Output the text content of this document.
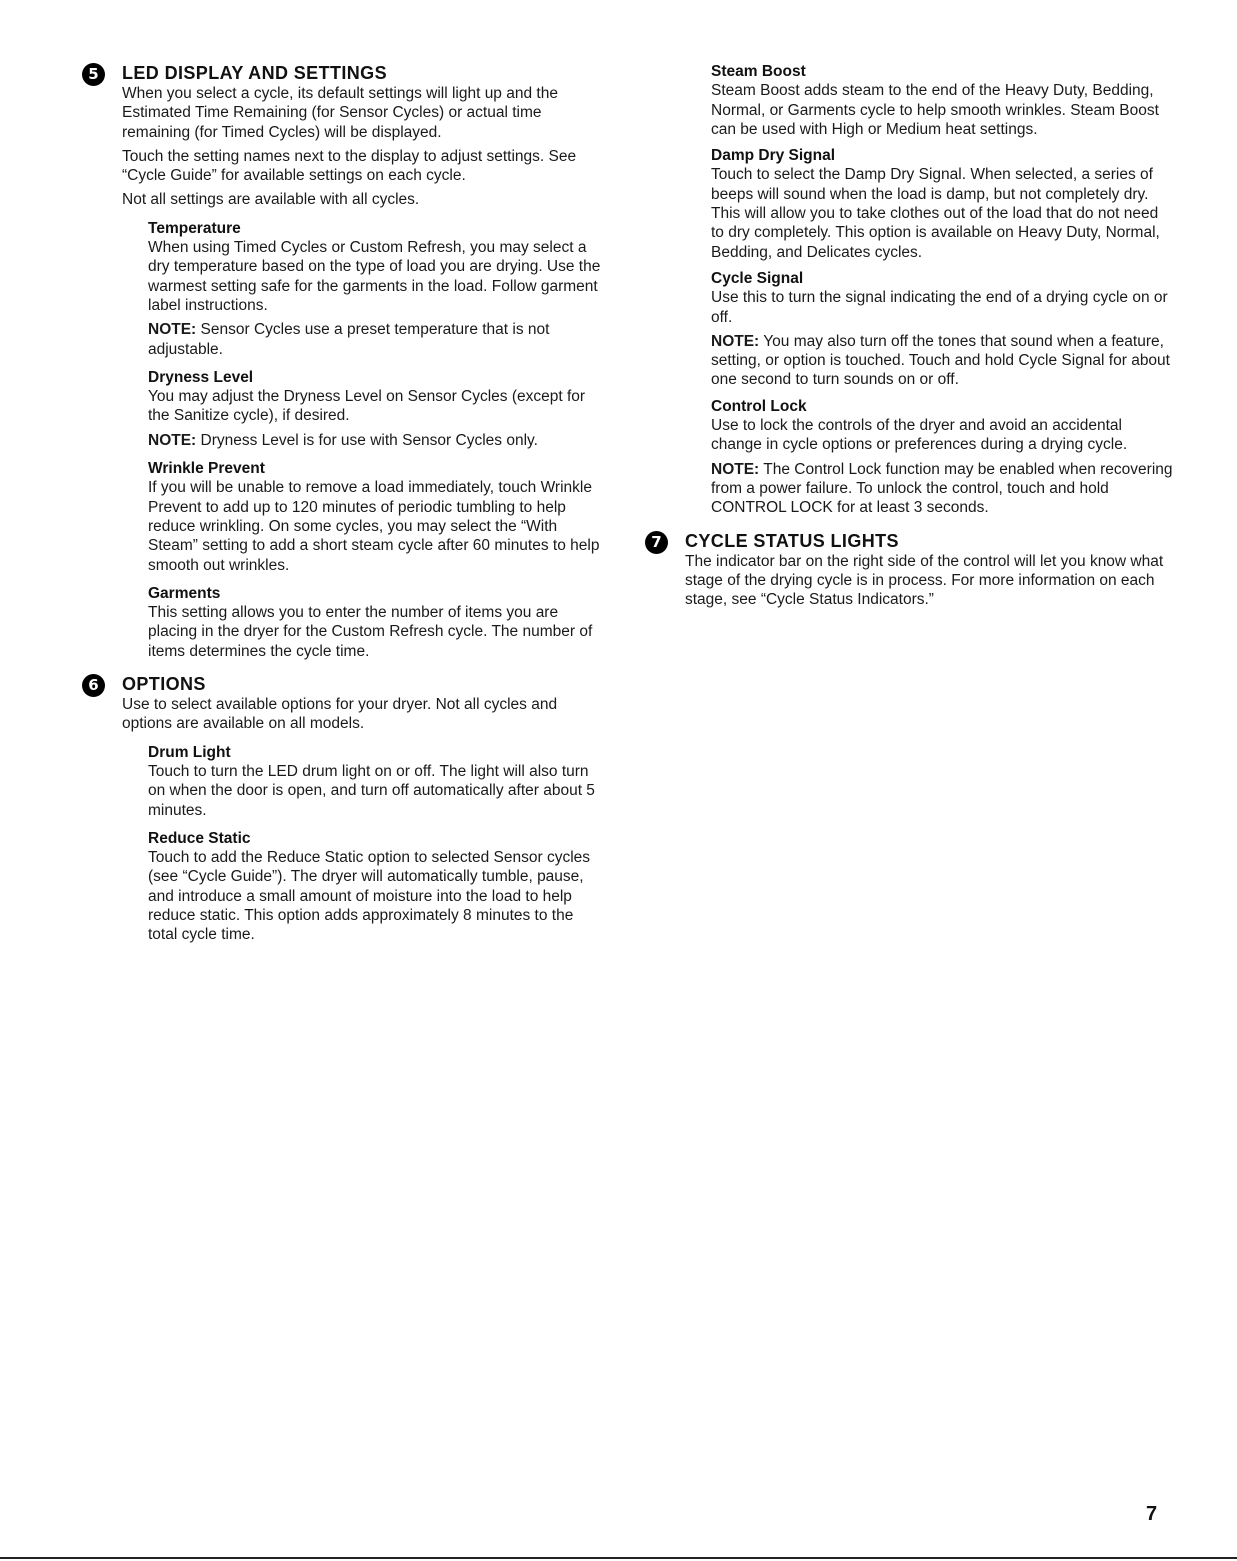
5	LED DISPLAY AND SETTINGS

When you select a cycle, its default settings will light up and the Estimated Time Remaining (for Sensor Cycles) or actual time remaining (for Timed Cycles) will be displayed.

Touch the setting names next to the display to adjust settings. See “Cycle Guide” for available settings on each cycle.

Not all settings are available with all cycles.

Temperature

When using Timed Cycles or Custom Refresh, you may select a dry temperature based on the type of load you are drying. Use the warmest setting safe for the garments in the load. Follow garment label instructions.

NOTE: Sensor Cycles use a preset temperature that is not adjustable.

Dryness Level

You may adjust the Dryness Level on Sensor Cycles (except for the Sanitize cycle), if desired.

NOTE: Dryness Level is for use with Sensor Cycles only.

Wrinkle Prevent

If you will be unable to remove a load immediately, touch Wrinkle Prevent to add up to 120 minutes of periodic tumbling to help reduce wrinkling. On some cycles, you may select the “With Steam” setting to add a short steam cycle after 60 minutes to help smooth out wrinkles.

Garments

This setting allows you to enter the number of items you are placing in the dryer for the Custom Refresh cycle. The number of items determines the cycle time.

6	OPTIONS

Use to select available options for your dryer. Not all cycles and options are available on all models.

Drum Light

Touch to turn the LED drum light on or off. The light will also turn on when the door is open, and turn off automatically after about 5 minutes.

Reduce Static

Touch to add the Reduce Static option to selected Sensor cycles (see “Cycle Guide”). The dryer will automatically tumble, pause, and introduce a small amount of moisture into the load to help reduce static. This option adds approximately 8 minutes to the total cycle time.

Steam Boost

Steam Boost adds steam to the end of the Heavy Duty, Bedding, Normal, or Garments cycle to help smooth wrinkles. Steam Boost can be used with High or Medium heat settings.

Damp Dry Signal

Touch to select the Damp Dry Signal. When selected, a series of beeps will sound when the load is damp, but not completely dry. This will allow you to take clothes out of the load that do not need to dry completely. This option is available on Heavy Duty, Normal, Bedding, and Delicates cycles.

Cycle Signal

Use this to turn the signal indicating the end of a drying cycle on or off.

NOTE: You may also turn off the tones that sound when a feature, setting, or option is touched. Touch and hold Cycle Signal for about one second to turn sounds on or off.

Control Lock

Use to lock the controls of the dryer and avoid an accidental change in cycle options or preferences during a drying cycle.

NOTE: The Control Lock function may be enabled when recovering from a power failure. To unlock the control, touch and hold CONTROL LOCK for at least 3 seconds.

7	CYCLE STATUS LIGHTS

The indicator bar on the right side of the control will let you know what stage of the drying cycle is in process. For more information on each stage, see “Cycle Status Indicators.”

7
